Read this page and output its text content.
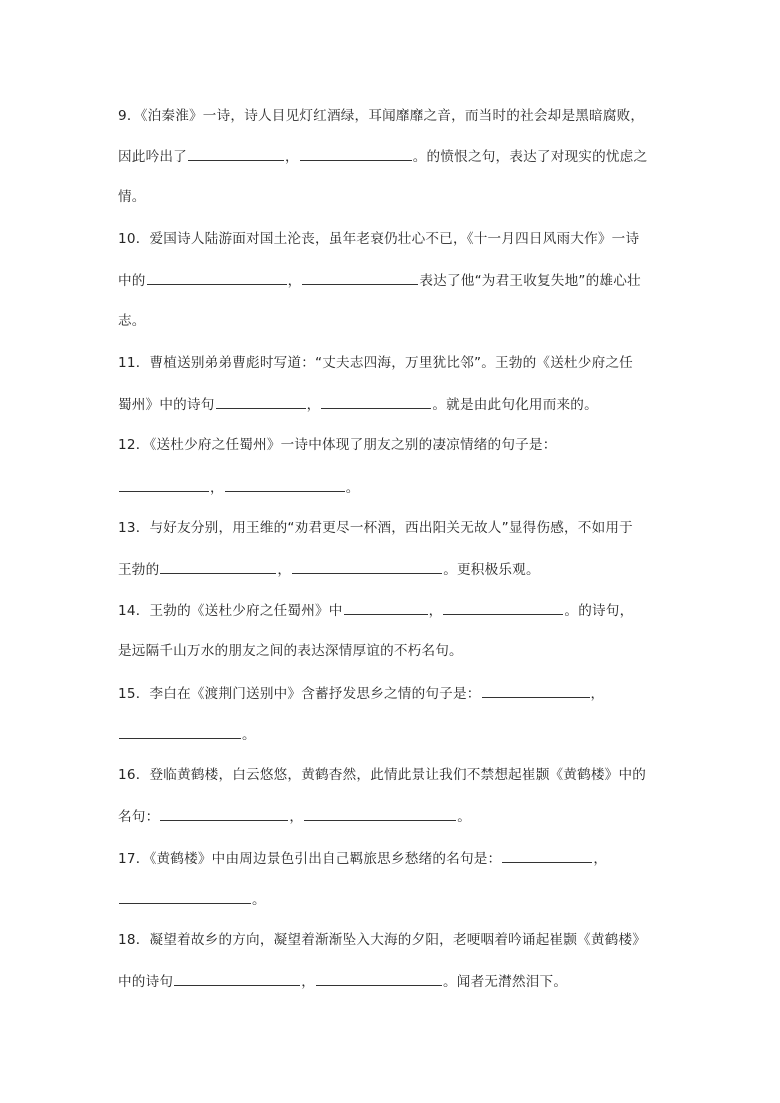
9．《泊秦淮》一诗，诗人目见灯红酒绿，耳闻靡靡之音，而当时的社会却是黑暗腐败，
因此吟出了	，	。的愤恨之句，表达了对现实的忧虑之
情。
10．爱国诗人陆游面对国土沦丧，虽年老衰仍壮心不已，《十一月四日风雨大作》一诗
中的	，	表达了他“为君王收复失地”的雄心壮
志。
11．曹植送别弟弟曹彪时写道：“丈夫志四海，万里犹比邻”。王勃的《送杜少府之任
蜀州》中的诗句	，	。就是由此句化用而来的。
12．《送杜少府之任蜀州》一诗中体现了朋友之别的凄凉情绪的句子是：
，	。
13．与好友分别，用王维的“劝君更尽一杯酒，西出阳关无故人”显得伤感，不如用于
王勃的	，	。更积极乐观。
14．王勃的《送杜少府之任蜀州》中	，	。的诗句，
是远隔千山万水的朋友之间的表达深情厚谊的不朽名句。
15．李白在《渡荆门送别中》含蓄抒发思乡之情的句子是：	，
。
16．登临黄鹤楼，白云悠悠，黄鹤杳然，此情此景让我们不禁想起崔颢《黄鹤楼》中的
名句：	，	。
17．《黄鹤楼》中由周边景色引出自己羁旅思乡愁绪的名句是：	，
。
18．凝望着故乡的方向，凝望着渐渐坠入大海的夕阳，老哽咽着吟诵起崔颢《黄鹤楼》
中的诗句	，	。闻者无潸然泪下。
